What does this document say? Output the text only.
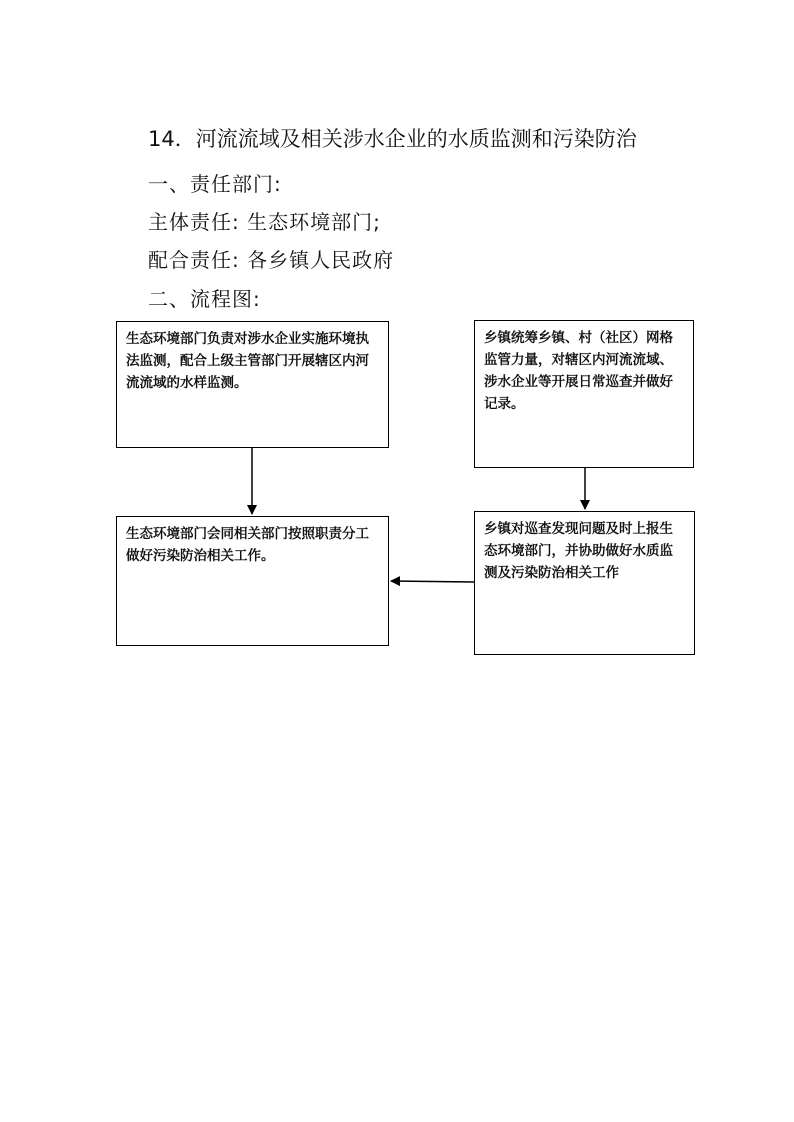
14．河流流域及相关涉水企业的水质监测和污染防治
一、责任部门:
主体责任: 生态环境部门;
配合责任: 各乡镇人民政府
二、流程图:
生态环境部门负责对涉水企业实施环境执法监测，配合上级主管部门开展辖区内河流流域的水样监测。
生态环境部门会同相关部门按照职责分工做好污染防治相关工作。
乡镇统筹乡镇、村（社区）网格监管力量，对辖区内河流流域、涉水企业等开展日常巡查并做好记录。
乡镇对巡查发现问题及时上报生态环境部门，并协助做好水质监测及污染防治相关工作
